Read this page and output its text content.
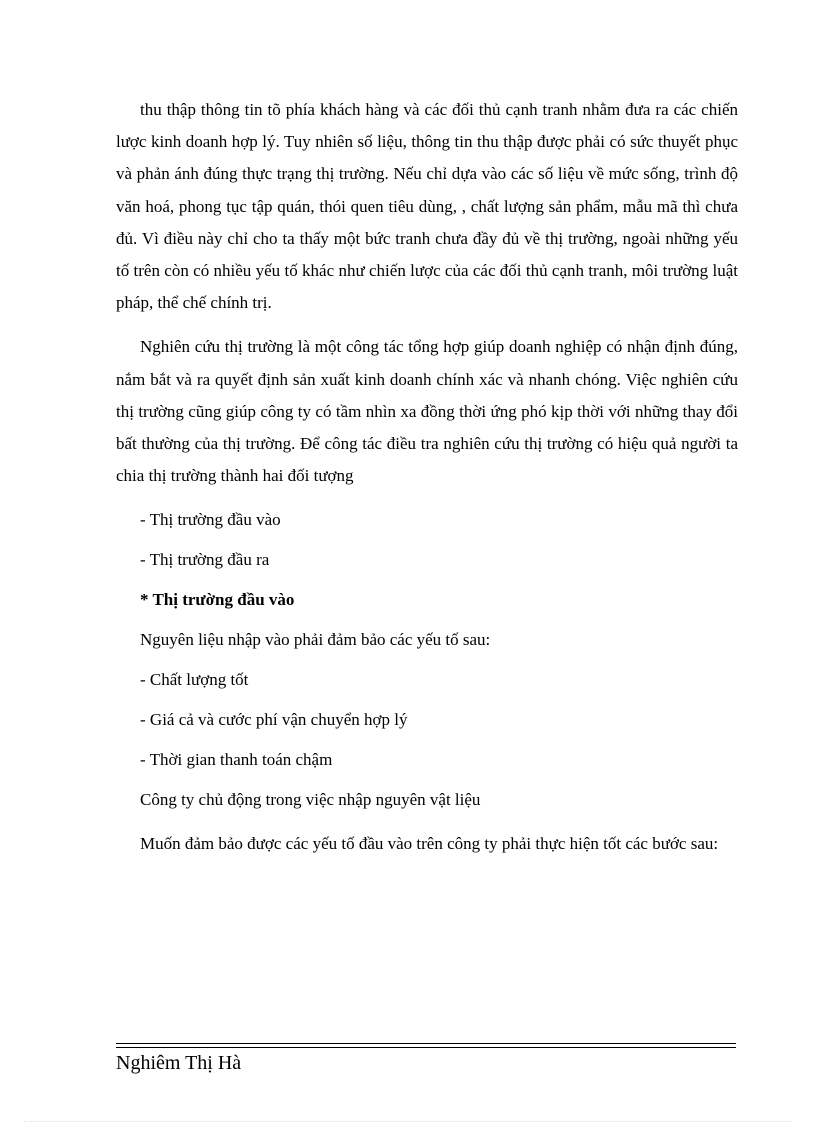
thu thập thông tin tõ phía khách hàng và các đối thủ cạnh tranh nhằm đưa ra các chiến lược kinh doanh hợp lý. Tuy nhiên số liệu, thông tin thu thập được phải có sức thuyết phục và phản ánh đúng thực trạng thị trường. Nếu chỉ dựa vào các số liệu về mức sống, trình độ văn hoá, phong tục tập quán, thói quen tiêu dùng, , chất lượng sản phẩm, mẫu mã thì chưa đủ. Vì điều này chỉ cho ta thấy một bức tranh chưa đầy đủ về thị trường, ngoài những yếu tố trên còn có nhiều yếu tố khác như chiến lược của các đối thủ cạnh tranh, môi trường luật pháp, thể chế chính trị.

Nghiên cứu thị trường là một công tác tổng hợp giúp doanh nghiệp có nhận định đúng, nắm bắt và ra quyết định sản xuất kinh doanh chính xác và nhanh chóng. Việc nghiên cứu thị trường cũng giúp công ty có tầm nhìn xa đồng thời ứng phó kịp thời với những thay đổi bất thường của thị trường. Để công tác điều tra nghiên cứu thị trường có hiệu quả người ta chia thị trường thành hai đối tượng

- Thị trường đầu vào

- Thị trường đầu ra

* Thị trường đầu vào

Nguyên liệu nhập vào phải đảm bảo các yếu tố sau:

- Chất lượng tốt

- Giá cả và cước phí vận chuyển hợp lý

- Thời gian thanh toán chậm

Công ty chủ động trong việc nhập nguyên vật liệu

Muốn đảm bảo được các yếu tố đầu vào trên công ty phải thực hiện tốt các bước sau:

Nghiêm Thị Hà
